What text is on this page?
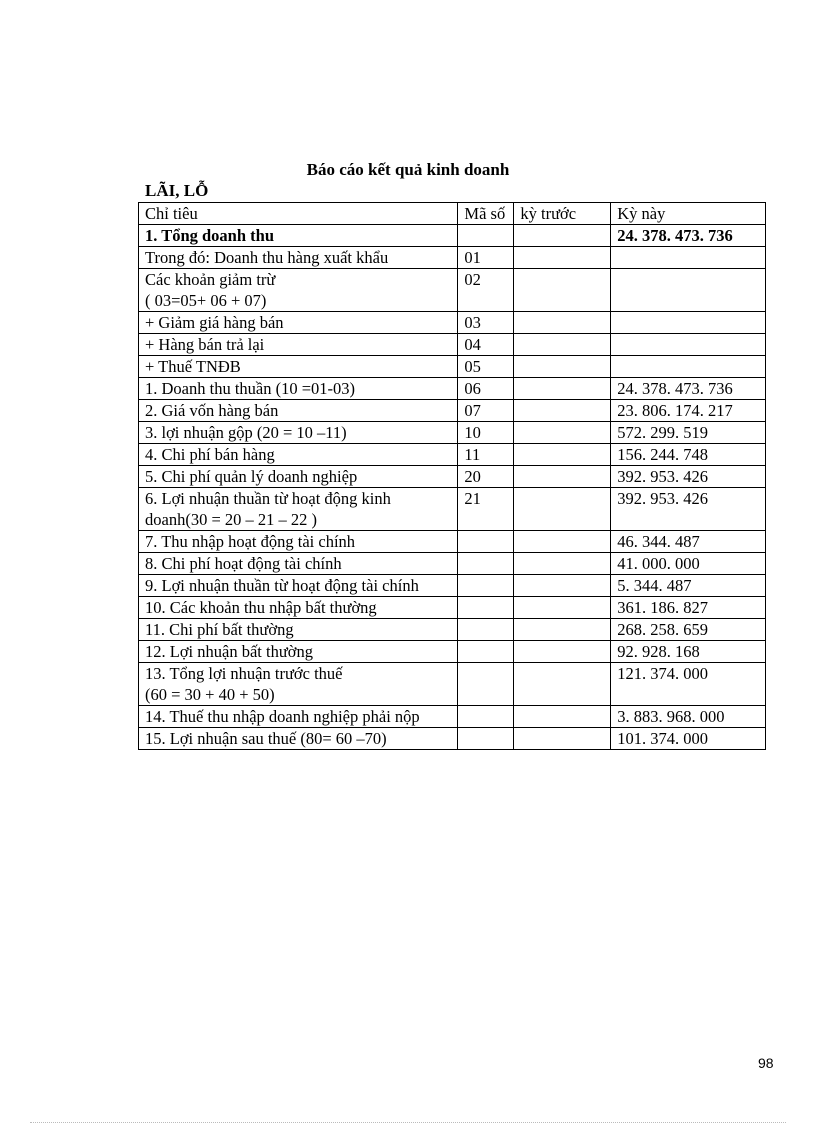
Báo cáo kết quả kinh doanh
LÃI, LỖ
Chỉ tiêu	Mã số	kỳ trước	Kỳ này
1. Tổng doanh thu			24. 378. 473. 736
Trong đó: Doanh thu hàng xuất khẩu	01		
Các khoản giảm trừ
( 03=05+ 06 + 07)	02		
+ Giảm giá hàng bán	03		
+ Hàng bán trả lại	04		
+ Thuế TNĐB	05		
1. Doanh thu thuần (10 =01-03)	06		24. 378. 473. 736
2. Giá vốn hàng bán	07		23. 806. 174. 217
3. lợi nhuận gộp (20 = 10 –11)	10		572. 299. 519
4. Chi phí bán hàng	11		156. 244. 748
5. Chi phí quản lý doanh nghiệp	20		392. 953. 426
6. Lợi nhuận thuần từ hoạt động kinh doanh(30 = 20 – 21 – 22 )	21		392. 953. 426
7. Thu nhập hoạt động tài chính			46. 344. 487
8. Chi phí hoạt động tài chính			41. 000. 000
9. Lợi nhuận thuần từ hoạt động tài chính			5. 344. 487
10. Các khoản thu nhập bất thường			361. 186. 827
11. Chi phí bất thường			268. 258. 659
12. Lợi nhuận bất thường			92. 928. 168
13. Tổng lợi nhuận trước thuế
(60 = 30 + 40 + 50)			121. 374. 000
14. Thuế thu nhập doanh nghiệp phải nộp			3. 883. 968. 000
15. Lợi nhuận sau thuế (80= 60 –70)			101. 374. 000
98
